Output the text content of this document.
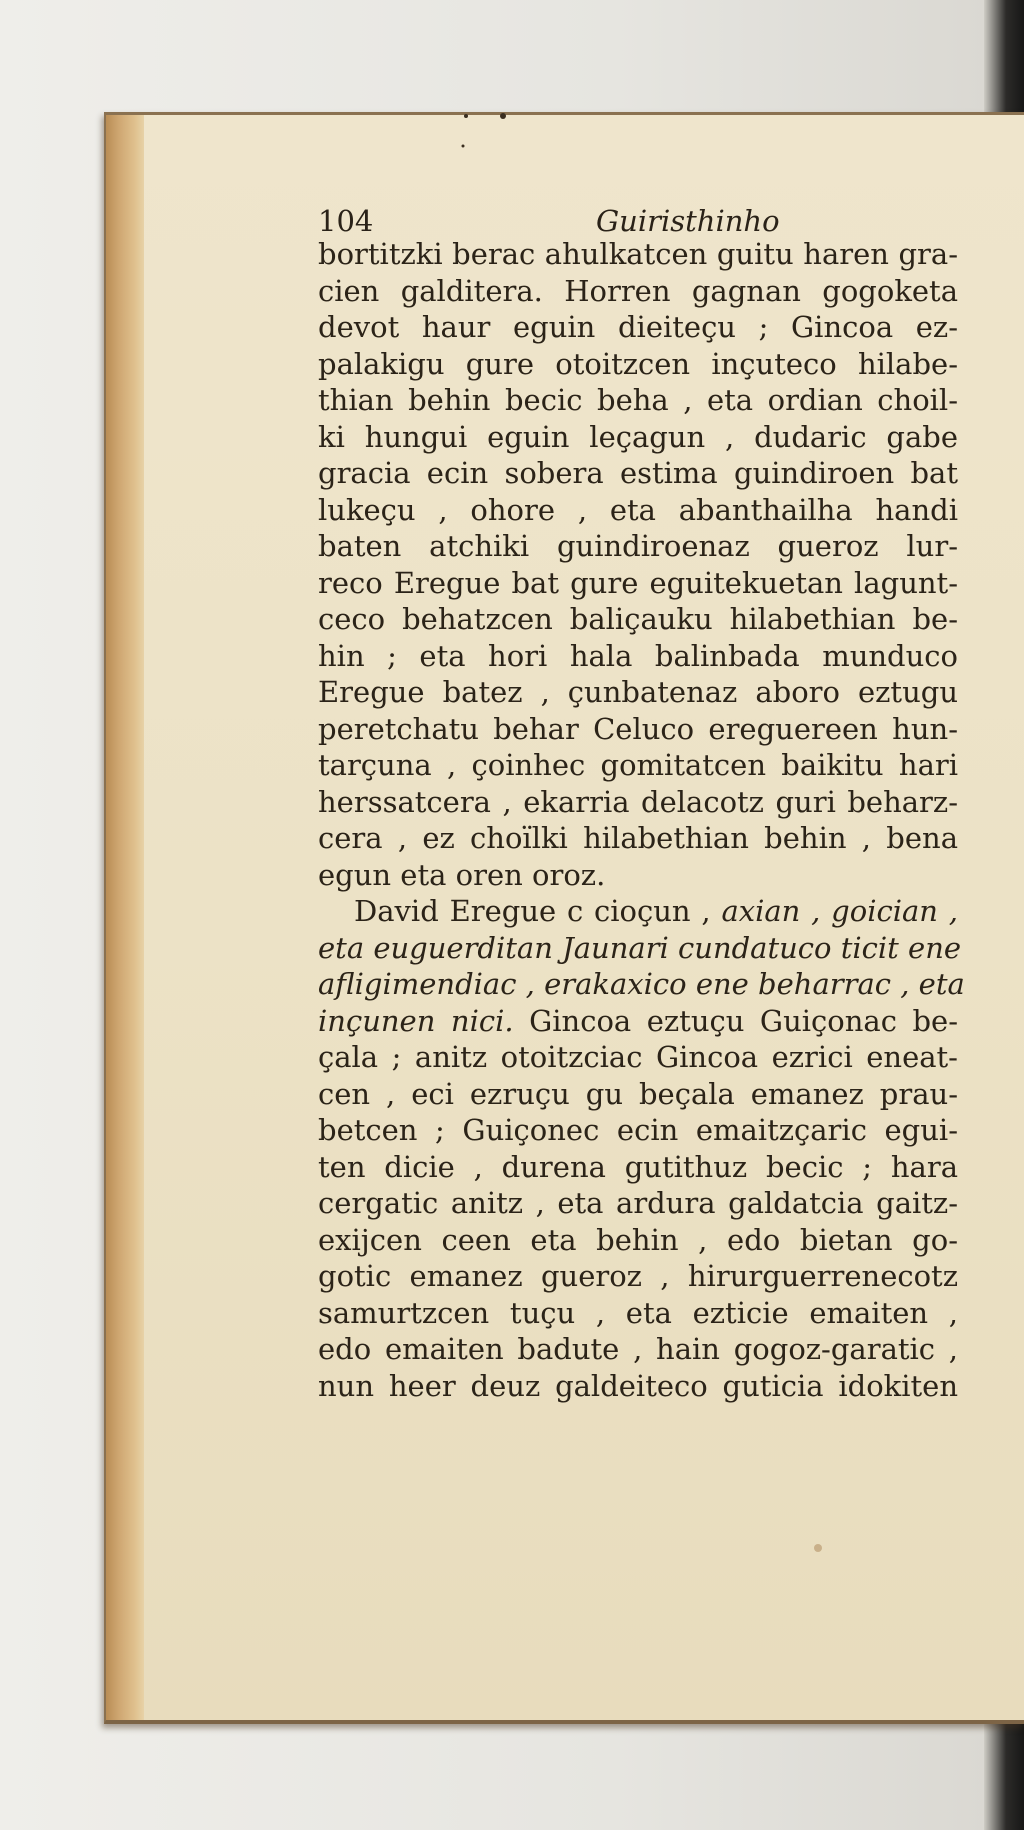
104	Guiristhinho
bortitzki berac ahulkatcen guitu haren gra-
cien galditera. Horren gagnan gogoketa
devot haur eguin dieiteçu ; Gincoa ez-
palakigu gure otoitzcen inçuteco hilabe-
thian behin becic beha , eta ordian choil-
ki hungui eguin leçagun , dudaric gabe
gracia ecin sobera estima guindiroen bat
lukeçu , ohore , eta abanthailha handi
baten atchiki guindiroenaz gueroz lur-
reco Eregue bat gure eguitekuetan lagunt-
ceco behatzcen baliçauku hilabethian be-
hin ; eta hori hala balinbada munduco
Eregue batez , çunbatenaz aboro eztugu
peretchatu behar Celuco ereguereen hun-
tarçuna , çoinhec gomitatcen baikitu hari
herssatcera , ekarria delacotz guri beharz-
cera , ez choïlki hilabethian behin , bena
egun eta oren oroz.
David Eregue c cioçun , axian , goician ,
eta euguerditan Jaunari cundatuco ticit ene
afligimendiac , erakaxico ene beharrac , eta
inçunen nici. Gincoa eztuçu Guiçonac be-
çala ; anitz otoitzciac Gincoa ezrici eneat-
cen , eci ezruçu gu beçala emanez prau-
betcen ; Guiçonec ecin emaitzçaric egui-
ten dicie , durena gutithuz becic ; hara
cergatic anitz , eta ardura galdatcia gaitz-
exijcen ceen eta behin , edo bietan go-
gotic emanez gueroz , hirurguerrenecotz
samurtzcen tuçu , eta ezticie emaiten ,
edo emaiten badute , hain gogoz-garatic ,
nun heer deuz galdeiteco guticia idokiten
